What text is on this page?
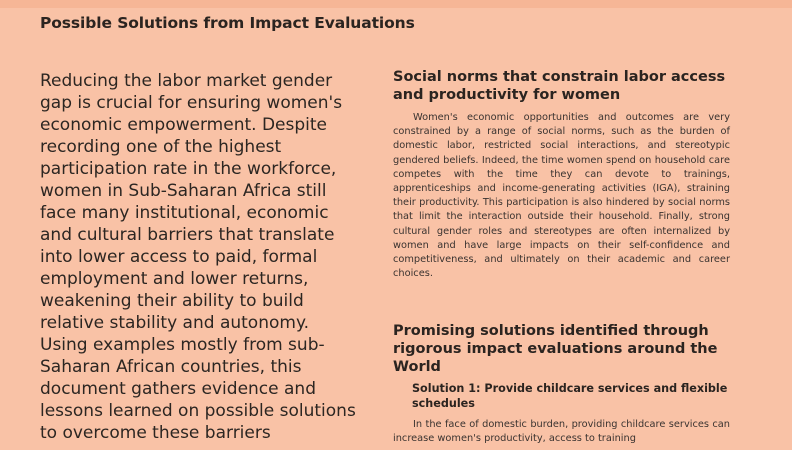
Possible Solutions from Impact Evaluations

Reducing the labor market gender gap is crucial for ensuring women's economic empowerment. Despite recording one of the highest participation rate in the workforce, women in Sub-Saharan Africa still face many institutional, economic and cultural barriers that translate into lower access to paid, formal employment and lower returns, weakening their ability to build relative stability and autonomy. Using examples mostly from sub-Saharan African countries, this document gathers evidence and lessons learned on possible solutions to overcome these barriers

Social norms that constrain labor access and productivity for women

Women's economic opportunities and outcomes are very constrained by a range of social norms, such as the burden of domestic labor, restricted social interactions, and stereotypic gendered beliefs. Indeed, the time women spend on household care competes with the time they can devote to trainings, apprenticeships and income-generating activities (IGA), straining their productivity. This participation is also hindered by social norms that limit the interaction outside their household. Finally, strong cultural gender roles and stereotypes are often internalized by women and have large impacts on their self-confidence and competitiveness, and ultimately on their academic and career choices.

Promising solutions identified through rigorous impact evaluations around the World
Solution 1: Provide childcare services and flexible schedules

In the face of domestic burden, providing childcare services can increase women's productivity, access to training
